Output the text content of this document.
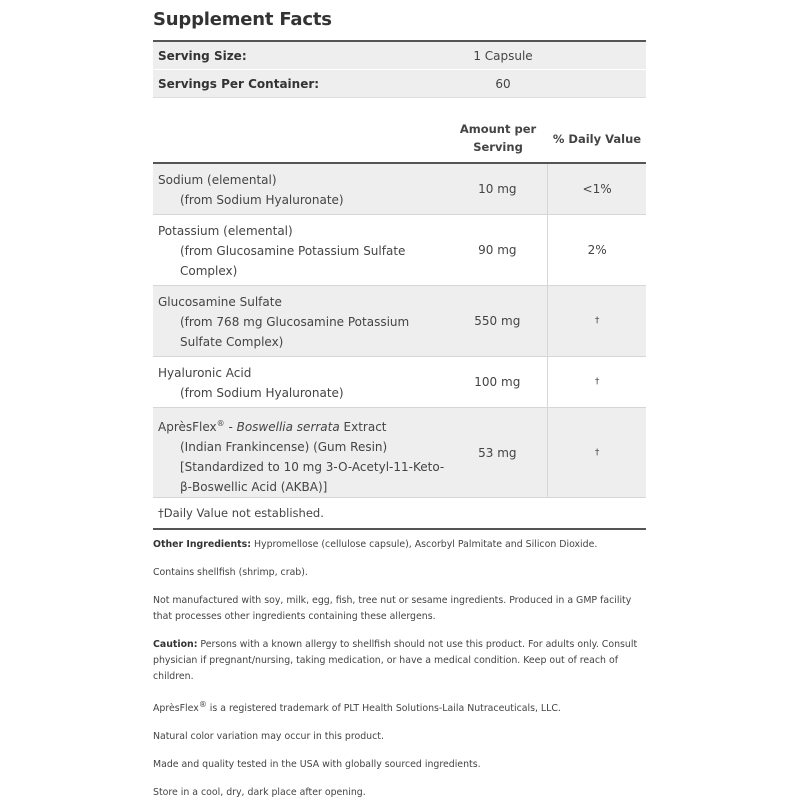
Supplement Facts
Serving Size:	1 Capsule
Servings Per Container:	60
Amount per Serving
% Daily Value
Sodium (elemental)
(from Sodium Hyaluronate)
10 mg	<1%
Potassium (elemental)
(from Glucosamine Potassium Sulfate Complex)
90 mg	2%
Glucosamine Sulfate
(from 768 mg Glucosamine Potassium Sulfate Complex)
550 mg	†
Hyaluronic Acid
(from Sodium Hyaluronate)
100 mg	†
AprèsFlex® - Boswellia serrata Extract
(Indian Frankincense) (Gum Resin) [Standardized to 10 mg 3-O-Acetyl-11-Keto-β-Boswellic Acid (AKBA)]
53 mg	†
†Daily Value not established.

Other Ingredients: Hypromellose (cellulose capsule), Ascorbyl Palmitate and Silicon Dioxide.

Contains shellfish (shrimp, crab).

Not manufactured with soy, milk, egg, fish, tree nut or sesame ingredients. Produced in a GMP facility that processes other ingredients containing these allergens.

Caution: Persons with a known allergy to shellfish should not use this product. For adults only. Consult physician if pregnant/nursing, taking medication, or have a medical condition. Keep out of reach of children.

AprèsFlex® is a registered trademark of PLT Health Solutions-Laila Nutraceuticals, LLC.

Natural color variation may occur in this product.

Made and quality tested in the USA with globally sourced ingredients.

Store in a cool, dry, dark place after opening.
